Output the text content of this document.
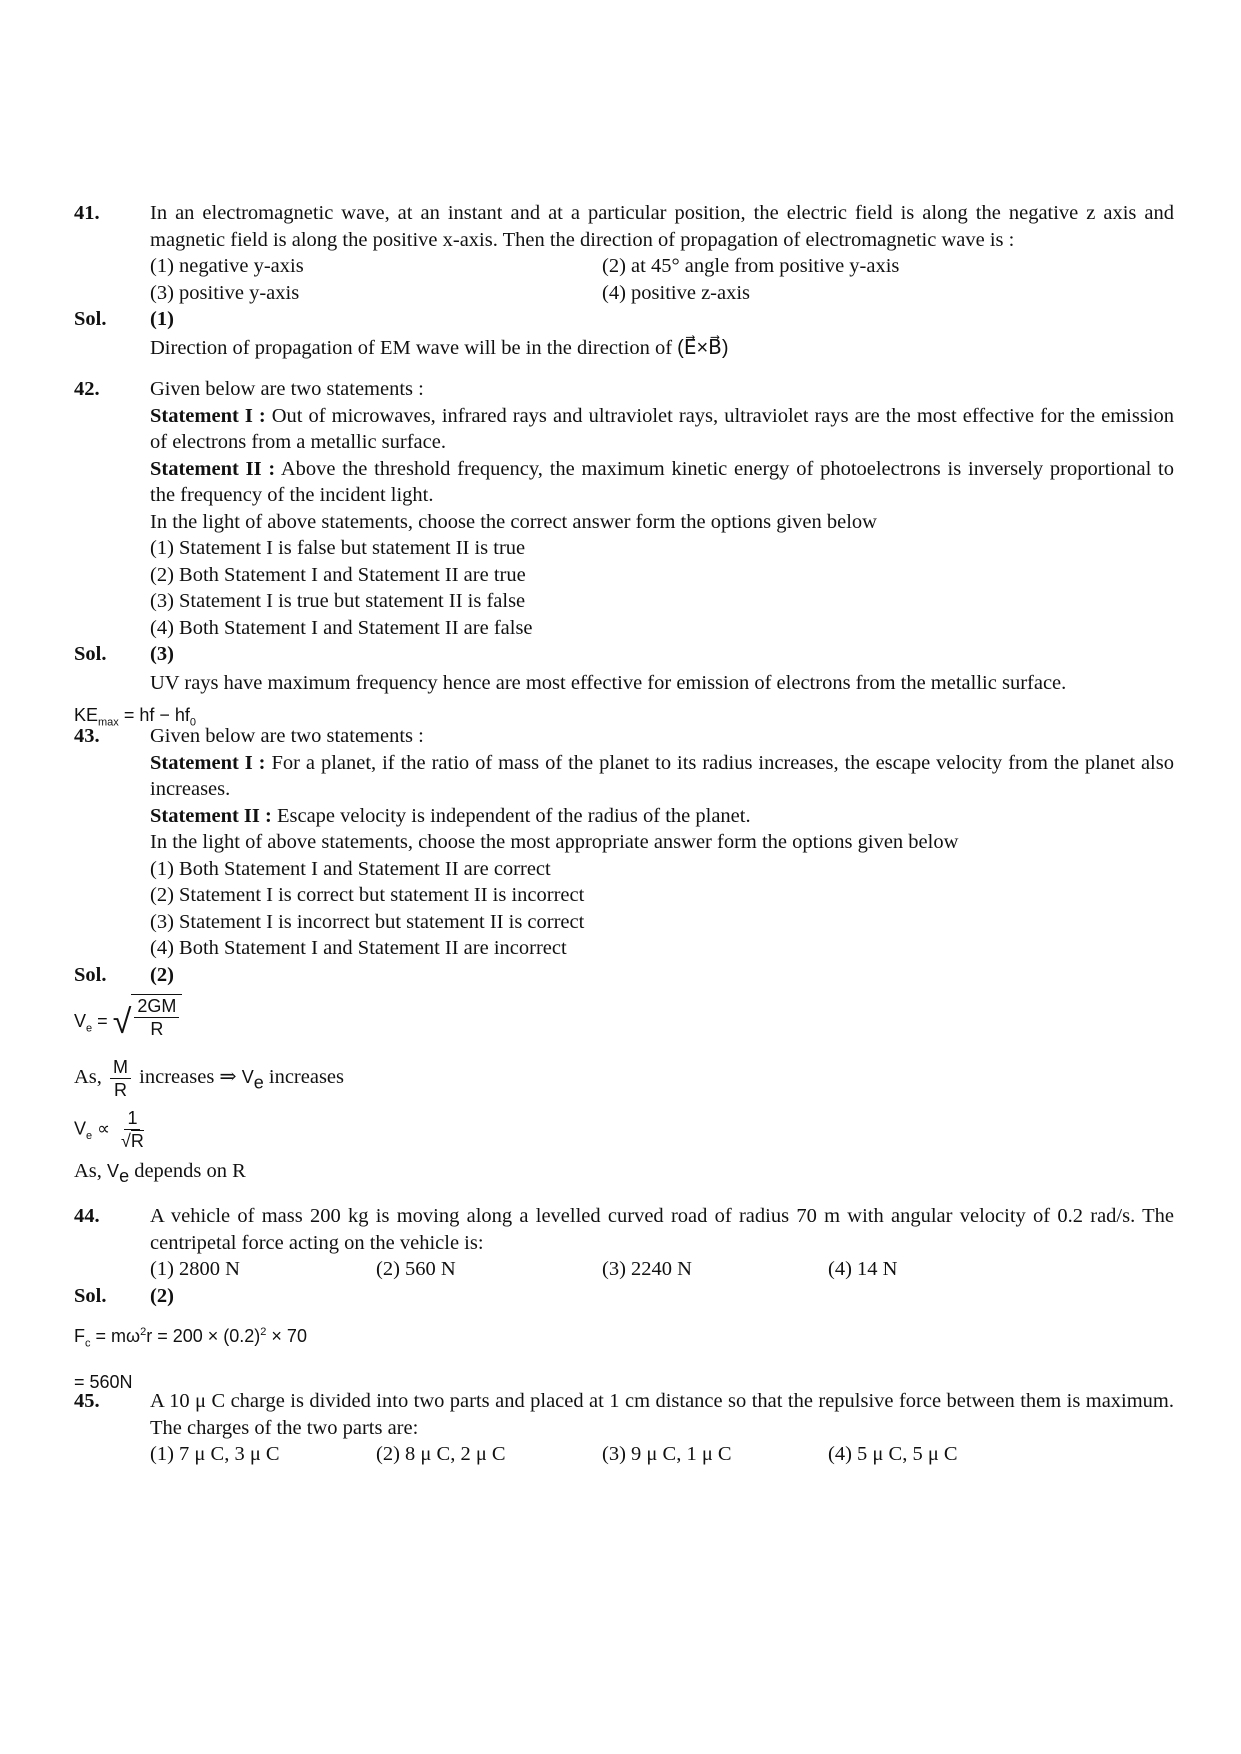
41. In an electromagnetic wave, at an instant and at a particular position, the electric field is along the negative z axis and magnetic field is along the positive x-axis. Then the direction of propagation of electromagnetic wave is :
(1) negative y-axis	(2) at 45° angle from positive y-axis
(3) positive y-axis	(4) positive z-axis
Sol. (1)
Direction of propagation of EM wave will be in the direction of (E⃗×B⃗)
42. Given below are two statements :
Statement I : Out of microwaves, infrared rays and ultraviolet rays, ultraviolet rays are the most effective for the emission of electrons from a metallic surface.
Statement II : Above the threshold frequency, the maximum kinetic energy of photoelectrons is inversely proportional to the frequency of the incident light.
In the light of above statements, choose the correct answer form the options given below
(1) Statement I is false but statement II is true
(2) Both Statement I and Statement II are true
(3) Statement I is true but statement II is false
(4) Both Statement I and Statement II are false
Sol. (3)
UV rays have maximum frequency hence are most effective for emission of electrons from the metallic surface.
$KE_{max}$ = hf − $hf_0$
43. Given below are two statements :
Statement I : For a planet, if the ratio of mass of the planet to its radius increases, the escape velocity from the planet also increases.
Statement II : Escape velocity is independent of the radius of the planet.
In the light of above statements, choose the most appropriate answer form the options given below
(1) Both Statement I and Statement II are correct
(2) Statement I is correct but statement II is incorrect
(3) Statement I is incorrect but statement II is correct
(4) Both Statement I and Statement II are incorrect
Sol. (2)
$V_e$ = √ $\frac{2GM}{R}$
As, $\frac{M}{R}$ increases ⇒ $V_e$ increases
$V_e \propto \frac{1}{√R}$
As, $V_e$ depends on R
44. A vehicle of mass 200 kg is moving along a levelled curved road of radius 70 m with angular velocity of 0.2 rad/s. The centripetal force acting on the vehicle is:
(1) 2800 N	(2) 560 N	(3) 2240 N	(4) 14 N
Sol. (2)
$F_c = m\omega^2r = 200 \times (0.2)^2 \times 70$
= 560N
45. A 10 μ C charge is divided into two parts and placed at 1 cm distance so that the repulsive force between them is maximum. The charges of the two parts are:
(1) 7 μ C, 3 μ C	(2) 8 μ C, 2 μ C	(3) 9 μ C, 1 μ C	(4) 5 μ C, 5 μ C
